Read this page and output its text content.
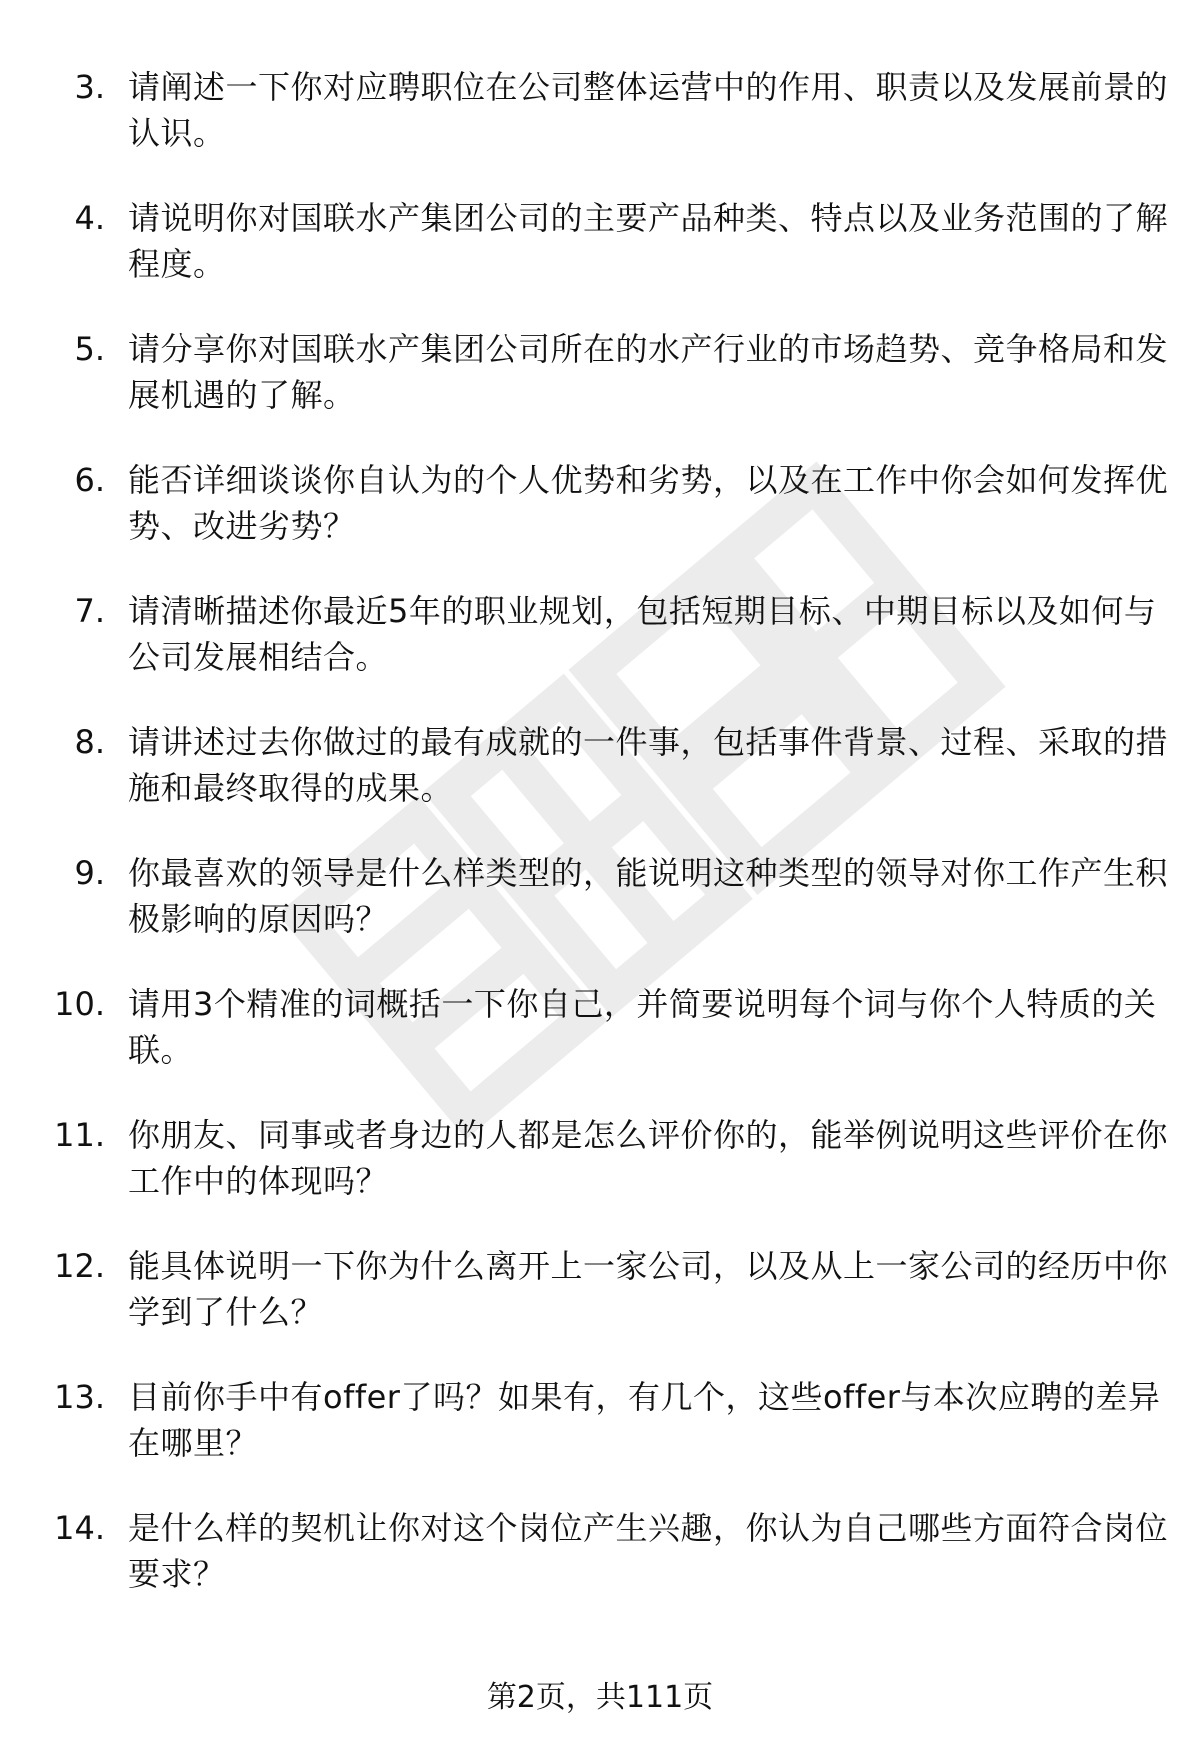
3. 请阐述一下你对应聘职位在公司整体运营中的作用、职责以及发展前景的认识。
4. 请说明你对国联水产集团公司的主要产品种类、特点以及业务范围的了解程度。
5. 请分享你对国联水产集团公司所在的水产行业的市场趋势、竞争格局和发展机遇的了解。
6. 能否详细谈谈你自认为的个人优势和劣势，以及在工作中你会如何发挥优势、改进劣势？
7. 请清晰描述你最近5年的职业规划，包括短期目标、中期目标以及如何与公司发展相结合。
8. 请讲述过去你做过的最有成就的一件事，包括事件背景、过程、采取的措施和最终取得的成果。
9. 你最喜欢的领导是什么样类型的，能说明这种类型的领导对你工作产生积极影响的原因吗？
10. 请用3个精准的词概括一下你自己，并简要说明每个词与你个人特质的关联。
11. 你朋友、同事或者身边的人都是怎么评价你的，能举例说明这些评价在你工作中的体现吗？
12. 能具体说明一下你为什么离开上一家公司，以及从上一家公司的经历中你学到了什么？
13. 目前你手中有offer了吗？如果有，有几个，这些offer与本次应聘的差异在哪里？
14. 是什么样的契机让你对这个岗位产生兴趣，你认为自己哪些方面符合岗位要求？
第2页，共111页
